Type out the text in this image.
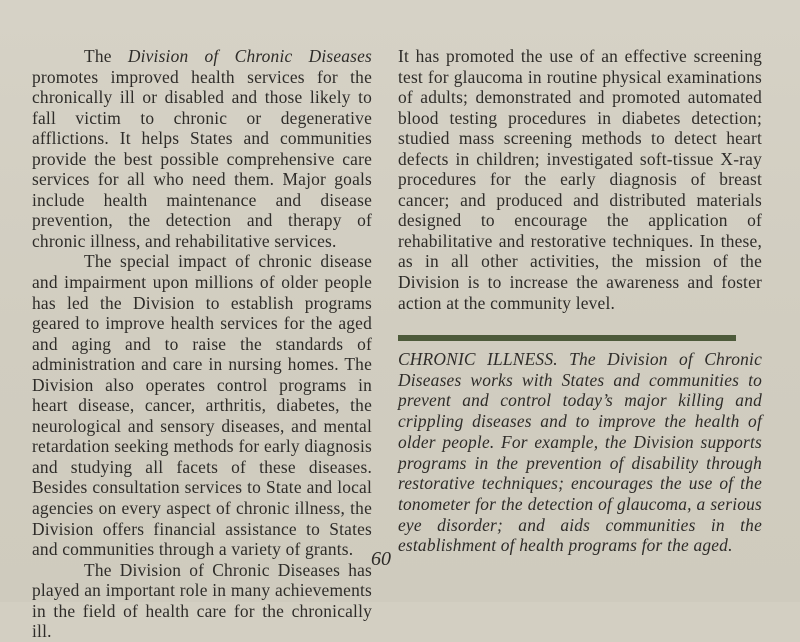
The Division of Chronic Diseases promotes improved health services for the chronically ill or disabled and those likely to fall victim to chronic or degenerative afflictions. It helps States and communities provide the best possible comprehensive care services for all who need them. Major goals include health maintenance and disease prevention, the detection and therapy of chronic illness, and rehabilitative services.

The special impact of chronic disease and impairment upon millions of older people has led the Division to establish programs geared to improve health services for the aged and aging and to raise the standards of administration and care in nursing homes. The Division also operates control programs in heart disease, cancer, arthritis, diabetes, the neurological and sensory diseases, and mental retardation seeking methods for early diagnosis and studying all facets of these diseases. Besides consultation services to State and local agencies on every aspect of chronic illness, the Division offers financial assistance to States and communities through a variety of grants.

The Division of Chronic Diseases has played an important role in many achievements in the field of health care for the chronically ill.

It has promoted the use of an effective screening test for glaucoma in routine physical examinations of adults; demonstrated and promoted automated blood testing procedures in diabetes detection; studied mass screening methods to detect heart defects in children; investigated soft-tissue X-ray procedures for the early diagnosis of breast cancer; and produced and distributed materials designed to encourage the application of rehabilitative and restorative techniques. In these, as in all other activities, the mission of the Division is to increase the awareness and foster action at the community level.

CHRONIC ILLNESS. The Division of Chronic Diseases works with States and communities to prevent and control today’s major killing and crippling diseases and to improve the health of older people. For example, the Division supports programs in the prevention of disability through restorative techniques; encourages the use of the tonometer for the detection of glaucoma, a serious eye disorder; and aids communities in the establishment of health programs for the aged.

60
